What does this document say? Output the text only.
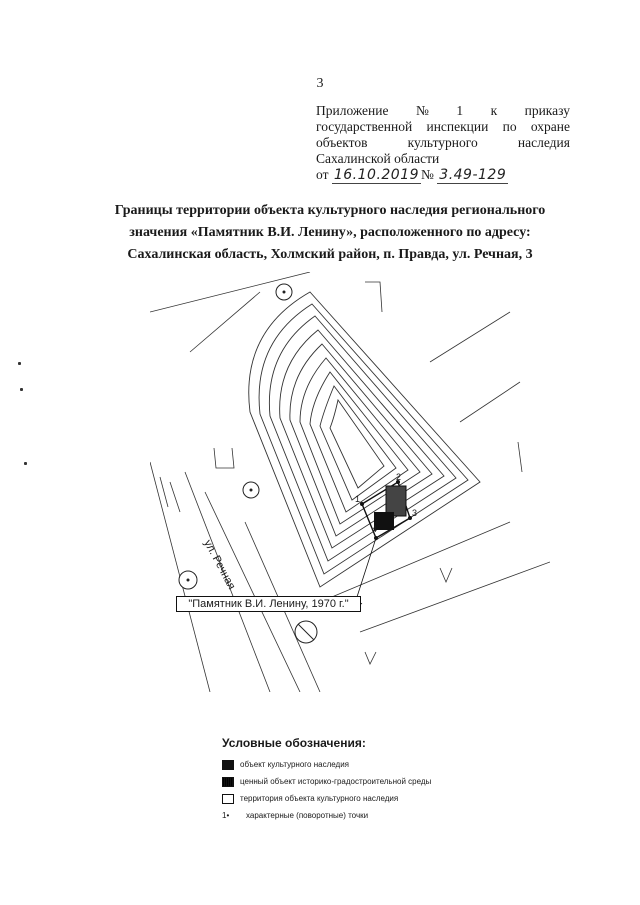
3
Приложение № 1 к приказу
государственной инспекции по охране
объектов	культурного	наследия
Сахалинской области
от 16.10.2019 № 3.49-129
Границы территории объекта культурного наследия регионального
значения «Памятник В.И. Ленину», расположенного по адресу:
Сахалинская область, Холмский район, п. Правда, ул. Речная, 3
1
2
3
4
ул. Речная
"Памятник В.И. Ленину, 1970 г."
Условные обозначения:
объект культурного наследия
ценный объект историко-градостроительной среды
территория объекта культурного наследия
1•	характерные (поворотные) точки
